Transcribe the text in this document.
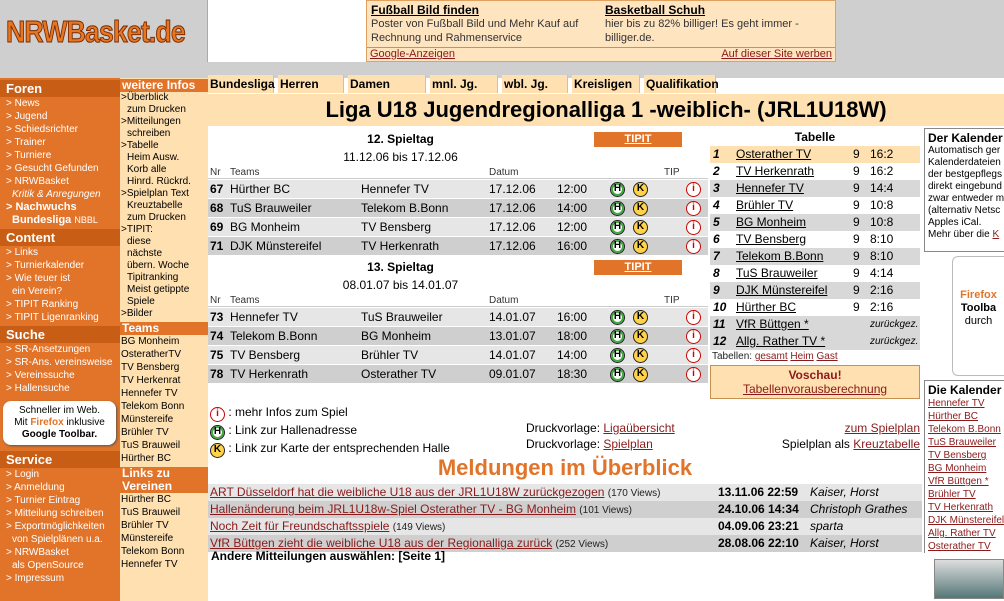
NRWBasket.de
Fußball Bild finden
Poster von Fußball Bild und Mehr Kauf auf Rechnung und Rahmenservice
Basketball Schuh
hier bis zu 82% billiger! Es geht immer - billiger.de.
Google-Anzeigen	Auf dieser Site werben
Foren
> News
> Jugend
> Schiedsrichter
> Trainer
> Turniere
> Gesucht Gefunden
> NRWBasket
Kritik & Anregungen
> Nachwuchs
Bundesliga NBBL
Content
> Links
> Turnierkalender
> Wie teuer ist
ein Verein?
> TIPIT Ranking
> TIPIT Ligenranking
Suche
> SR-Ansetzungen
> SR-Ans. vereinsweise
> Vereinssuche
> Hallensuche
Schneller im Web.
Mit Firefox inklusive
Google Toolbar.
Service
> Login
> Anmeldung
> Turnier Eintrag
> Mitteilung schreiben
> Exportmöglichkeiten
von Spielplänen u.a.
> NRWBasket
als OpenSource
> Impressum
weitere Infos
>Überblick
zum Drucken
>Mitteilungen
schreiben
>Tabelle
Heim Ausw.
Korb alle
Hinrd. Rückrd.
>Spielplan Text
Kreuztabelle
zum Drucken
>TIPIT:
diese
nächste
übern. Woche
Tipitranking
Meist getippte
Spiele
>Bilder
Teams
BG Monheim
OsteratherTV
TV Bensberg
TV Herkenrat
Hennefer TV
Telekom Bonn
Münstereife
Brühler TV
TuS Brauweil
Hürther BC
Links zu Vereinen
Hürther BC
TuS Brauweil
Brühler TV
Münstereife
Telekom Bonn
Hennefer TV
Bundesliga Herren	Damen	mnl. Jg.	wbl. Jg.	Kreisligen	Qualifikation
Liga U18 Jugendregionalliga 1 -weiblich- (JRL1U18W)
12. Spieltag	TIPIT
11.12.06 bis 17.12.06
Nr Teams	Datum	TIP
67 Hürther BC	Hennefer TV	17.12.06 12:00	H	K	i
68 TuS Brauweiler	Telekom B.Bonn	17.12.06 14:00	H	K	i
69 BG Monheim	TV Bensberg	17.12.06 12:00	H	K	i
71 DJK Münstereifel	TV Herkenrath	17.12.06 16:00	H	K	i
13. Spieltag	TIPIT
08.01.07 bis 14.01.07
Nr Teams	Datum	TIP
73 Hennefer TV	TuS Brauweiler	14.01.07 16:00	H	K	i
74 Telekom B.Bonn	BG Monheim	13.01.07 18:00	H	K	i
75 TV Bensberg	Brühler TV	14.01.07 14:00	H	K	i
78 TV Herkenrath	Osterather TV	09.01.07 18:30	H	K	i
Tabelle
1 Osterather TV	9 16:2
2 TV Herkenrath	9 16:2
3 Hennefer TV	9 14:4
4 Brühler TV	9 10:8
5 BG Monheim	9 10:8
6 TV Bensberg	9 8:10
7 Telekom B.Bonn 9 8:10
8 TuS Brauweiler	9 4:14
9 DJK Münstereifel 9 2:16
10 Hürther BC	9 2:16
11 VfR Büttgen *	zurückgez.
12 Allg. Rather TV *	zurückgez.
Tabellen: gesamt Heim Gast
Voschau!
Tabellenvorausberechnung
i : mehr Infos zum Spiel
H : Link zur Hallenadresse
K : Link zur Karte der entsprechenden Halle
Druckvorlage: Ligaübersicht
Druckvorlage: Spielplan
zum Spielplan
Spielplan als Kreuztabelle
Meldungen im Überblick
ART Düsseldorf hat die weibliche U18 aus der JRL1U18W zurückgezogen (170 Views)	13.11.06 22:59 Kaiser, Horst
Hallenänderung beim JRL1U18w-Spiel Osterather TV - BG Monheim (101 Views)	24.10.06 14:34 Christoph Grathes
Noch Zeit für Freundschaftsspiele (149 Views)	04.09.06 23:21 sparta
VfR Büttgen zieht die weibliche U18 aus der Regionalliga zurück (252 Views)	28.08.06 22:10 Kaiser, Horst
Andere Mitteilungen auswählen: [Seite 1]
Der Kalender
Automatisch ger
Kalenderdateien
der bestgepflegs
direkt eingebund
zwar entweder m
(alternativ Netsc
Apples iCal.
Mehr über die K
Firefox
Toolba
durch
Die Kalender
Hennefer TV
Hürther BC
Telekom B.Bonn
TuS Brauweiler
TV Bensberg
BG Monheim
VfR Büttgen *
Brühler TV
TV Herkenrath
DJK Münstereifel
Allg. Rather TV
Osterather TV
